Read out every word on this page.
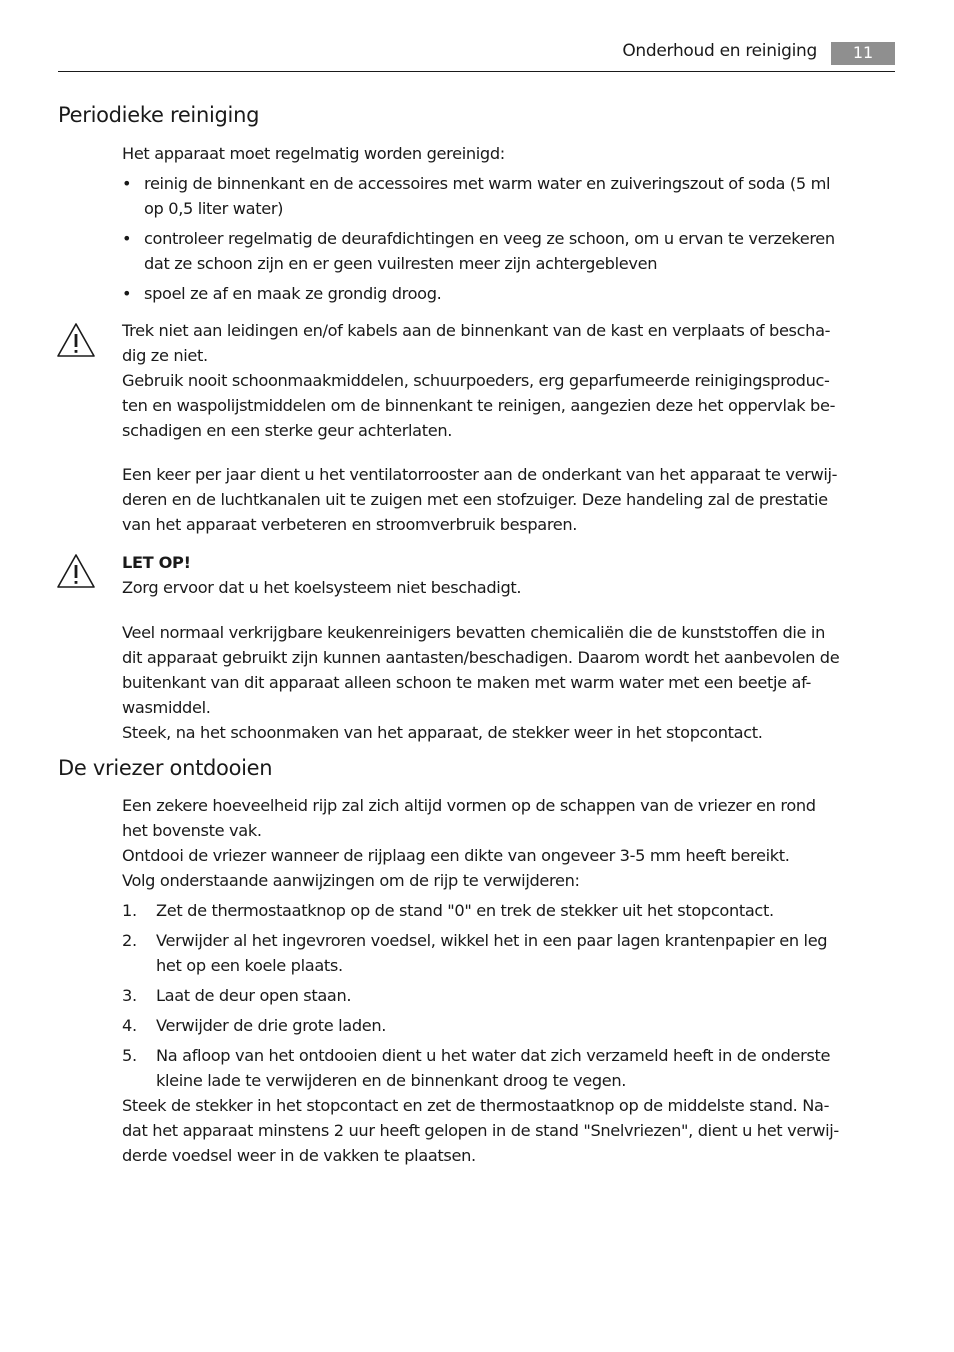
Onderhoud en reiniging	11
Periodieke reiniging
Het apparaat moet regelmatig worden gereinigd:
• reinig de binnenkant en de accessoires met warm water en zuiveringszout of soda (5 ml
op 0,5 liter water)
• controleer regelmatig de deurafdichtingen en veeg ze schoon, om u ervan te verzekeren
dat ze schoon zijn en er geen vuilresten meer zijn achtergebleven
• spoel ze af en maak ze grondig droog.
Trek niet aan leidingen en/of kabels aan de binnenkant van de kast en verplaats of bescha-
dig ze niet.
Gebruik nooit schoonmaakmiddelen, schuurpoeders, erg geparfumeerde reinigingsproduc-
ten en waspolijstmiddelen om de binnenkant te reinigen, aangezien deze het oppervlak be-
schadigen en een sterke geur achterlaten.
Een keer per jaar dient u het ventilatorrooster aan de onderkant van het apparaat te verwij-
deren en de luchtkanalen uit te zuigen met een stofzuiger. Deze handeling zal de prestatie
van het apparaat verbeteren en stroomverbruik besparen.
LET OP!
Zorg ervoor dat u het koelsysteem niet beschadigt.
Veel normaal verkrijgbare keukenreinigers bevatten chemicaliën die de kunststoffen die in
dit apparaat gebruikt zijn kunnen aantasten/beschadigen. Daarom wordt het aanbevolen de
buitenkant van dit apparaat alleen schoon te maken met warm water met een beetje af-
wasmiddel.
Steek, na het schoonmaken van het apparaat, de stekker weer in het stopcontact.
De vriezer ontdooien
Een zekere hoeveelheid rijp zal zich altijd vormen op de schappen van de vriezer en rond
het bovenste vak.
Ontdooi de vriezer wanneer de rijplaag een dikte van ongeveer 3-5 mm heeft bereikt.
Volg onderstaande aanwijzingen om de rijp te verwijderen:
1. Zet de thermostaatknop op de stand "0" en trek de stekker uit het stopcontact.
2. Verwijder al het ingevroren voedsel, wikkel het in een paar lagen krantenpapier en leg
het op een koele plaats.
3. Laat de deur open staan.
4. Verwijder de drie grote laden.
5. Na afloop van het ontdooien dient u het water dat zich verzameld heeft in de onderste
kleine lade te verwijderen en de binnenkant droog te vegen.
Steek de stekker in het stopcontact en zet de thermostaatknop op de middelste stand. Na-
dat het apparaat minstens 2 uur heeft gelopen in de stand "Snelvriezen", dient u het verwij-
derde voedsel weer in de vakken te plaatsen.
